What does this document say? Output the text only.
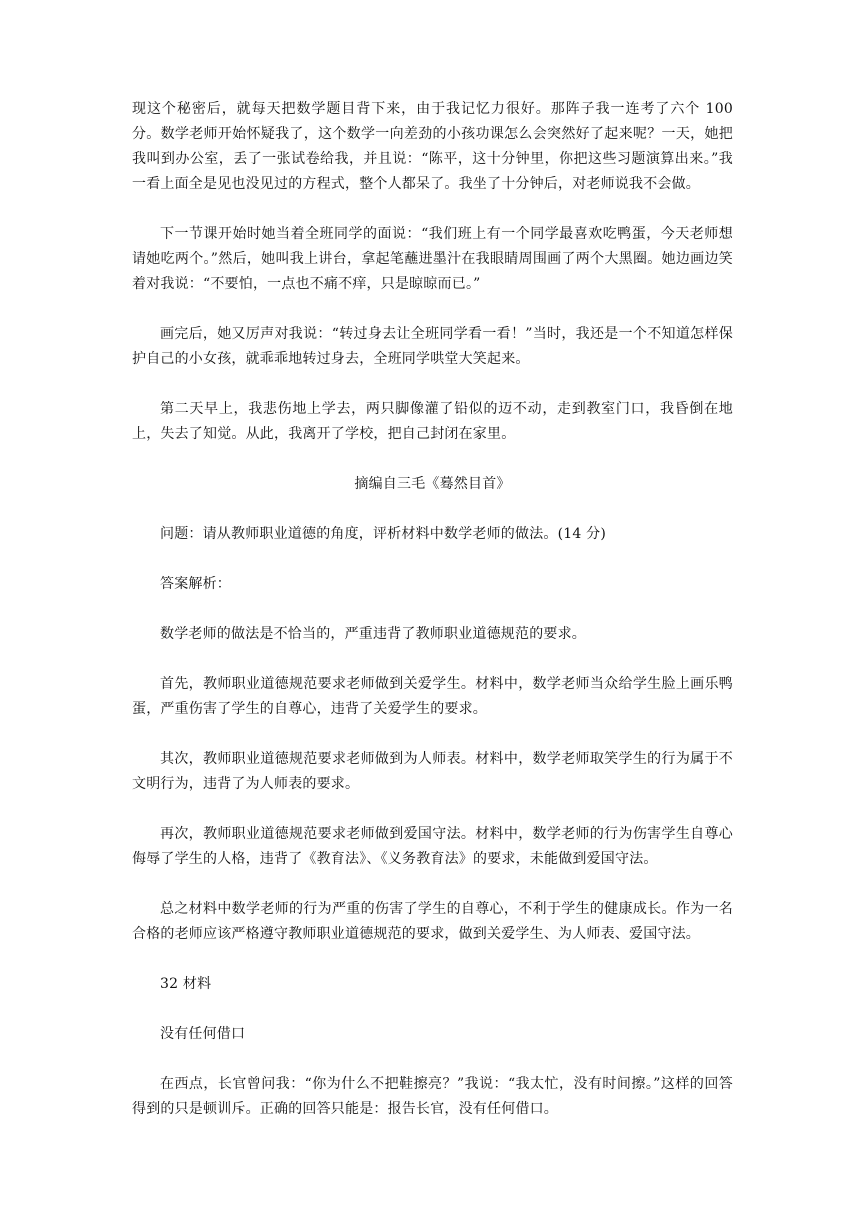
现这个秘密后，就每天把数学题目背下来，由于我记忆力很好。那阵子我一连考了六个 100 分。数学老师开始怀疑我了，这个数学一向差劲的小孩功课怎么会突然好了起来呢？一天，她把我叫到办公室，丢了一张试卷给我，并且说：“陈平，这十分钟里，你把这些习题演算出来。”我一看上面全是见也没见过的方程式，整个人都呆了。我坐了十分钟后，对老师说我不会做。

下一节课开始时她当着全班同学的面说：“我们班上有一个同学最喜欢吃鸭蛋，今天老师想请她吃两个。”然后，她叫我上讲台，拿起笔蘸进墨汁在我眼睛周围画了两个大黑圈。她边画边笑着对我说：“不要怕，一点也不痛不痒，只是晾晾而已。”

画完后，她又厉声对我说：“转过身去让全班同学看一看！”当时，我还是一个不知道怎样保护自己的小女孩，就乖乖地转过身去，全班同学哄堂大笑起来。

第二天早上，我悲伤地上学去，两只脚像灌了铅似的迈不动，走到教室门口，我昏倒在地上，失去了知觉。从此，我离开了学校，把自己封闭在家里。

摘编自三毛《蓦然目首》

问题：请从教师职业道德的角度，评析材料中数学老师的做法。(14 分)

答案解析：

数学老师的做法是不恰当的，严重违背了教师职业道德规范的要求。

首先，教师职业道德规范要求老师做到关爱学生。材料中，数学老师当众给学生脸上画乐鸭蛋，严重伤害了学生的自尊心，违背了关爱学生的要求。

其次，教师职业道德规范要求老师做到为人师表。材料中，数学老师取笑学生的行为属于不文明行为，违背了为人师表的要求。

再次，教师职业道德规范要求老师做到爱国守法。材料中，数学老师的行为伤害学生自尊心侮辱了学生的人格，违背了《教育法》、《义务教育法》的要求，未能做到爱国守法。

总之材料中数学老师的行为严重的伤害了学生的自尊心，不利于学生的健康成长。作为一名合格的老师应该严格遵守教师职业道德规范的要求，做到关爱学生、为人师表、爱国守法。

32 材料

没有任何借口

在西点，长官曾问我：“你为什么不把鞋擦亮？”我说：“我太忙，没有时间擦。”这样的回答得到的只是顿训斥。正确的回答只能是：报告长官，没有任何借口。
